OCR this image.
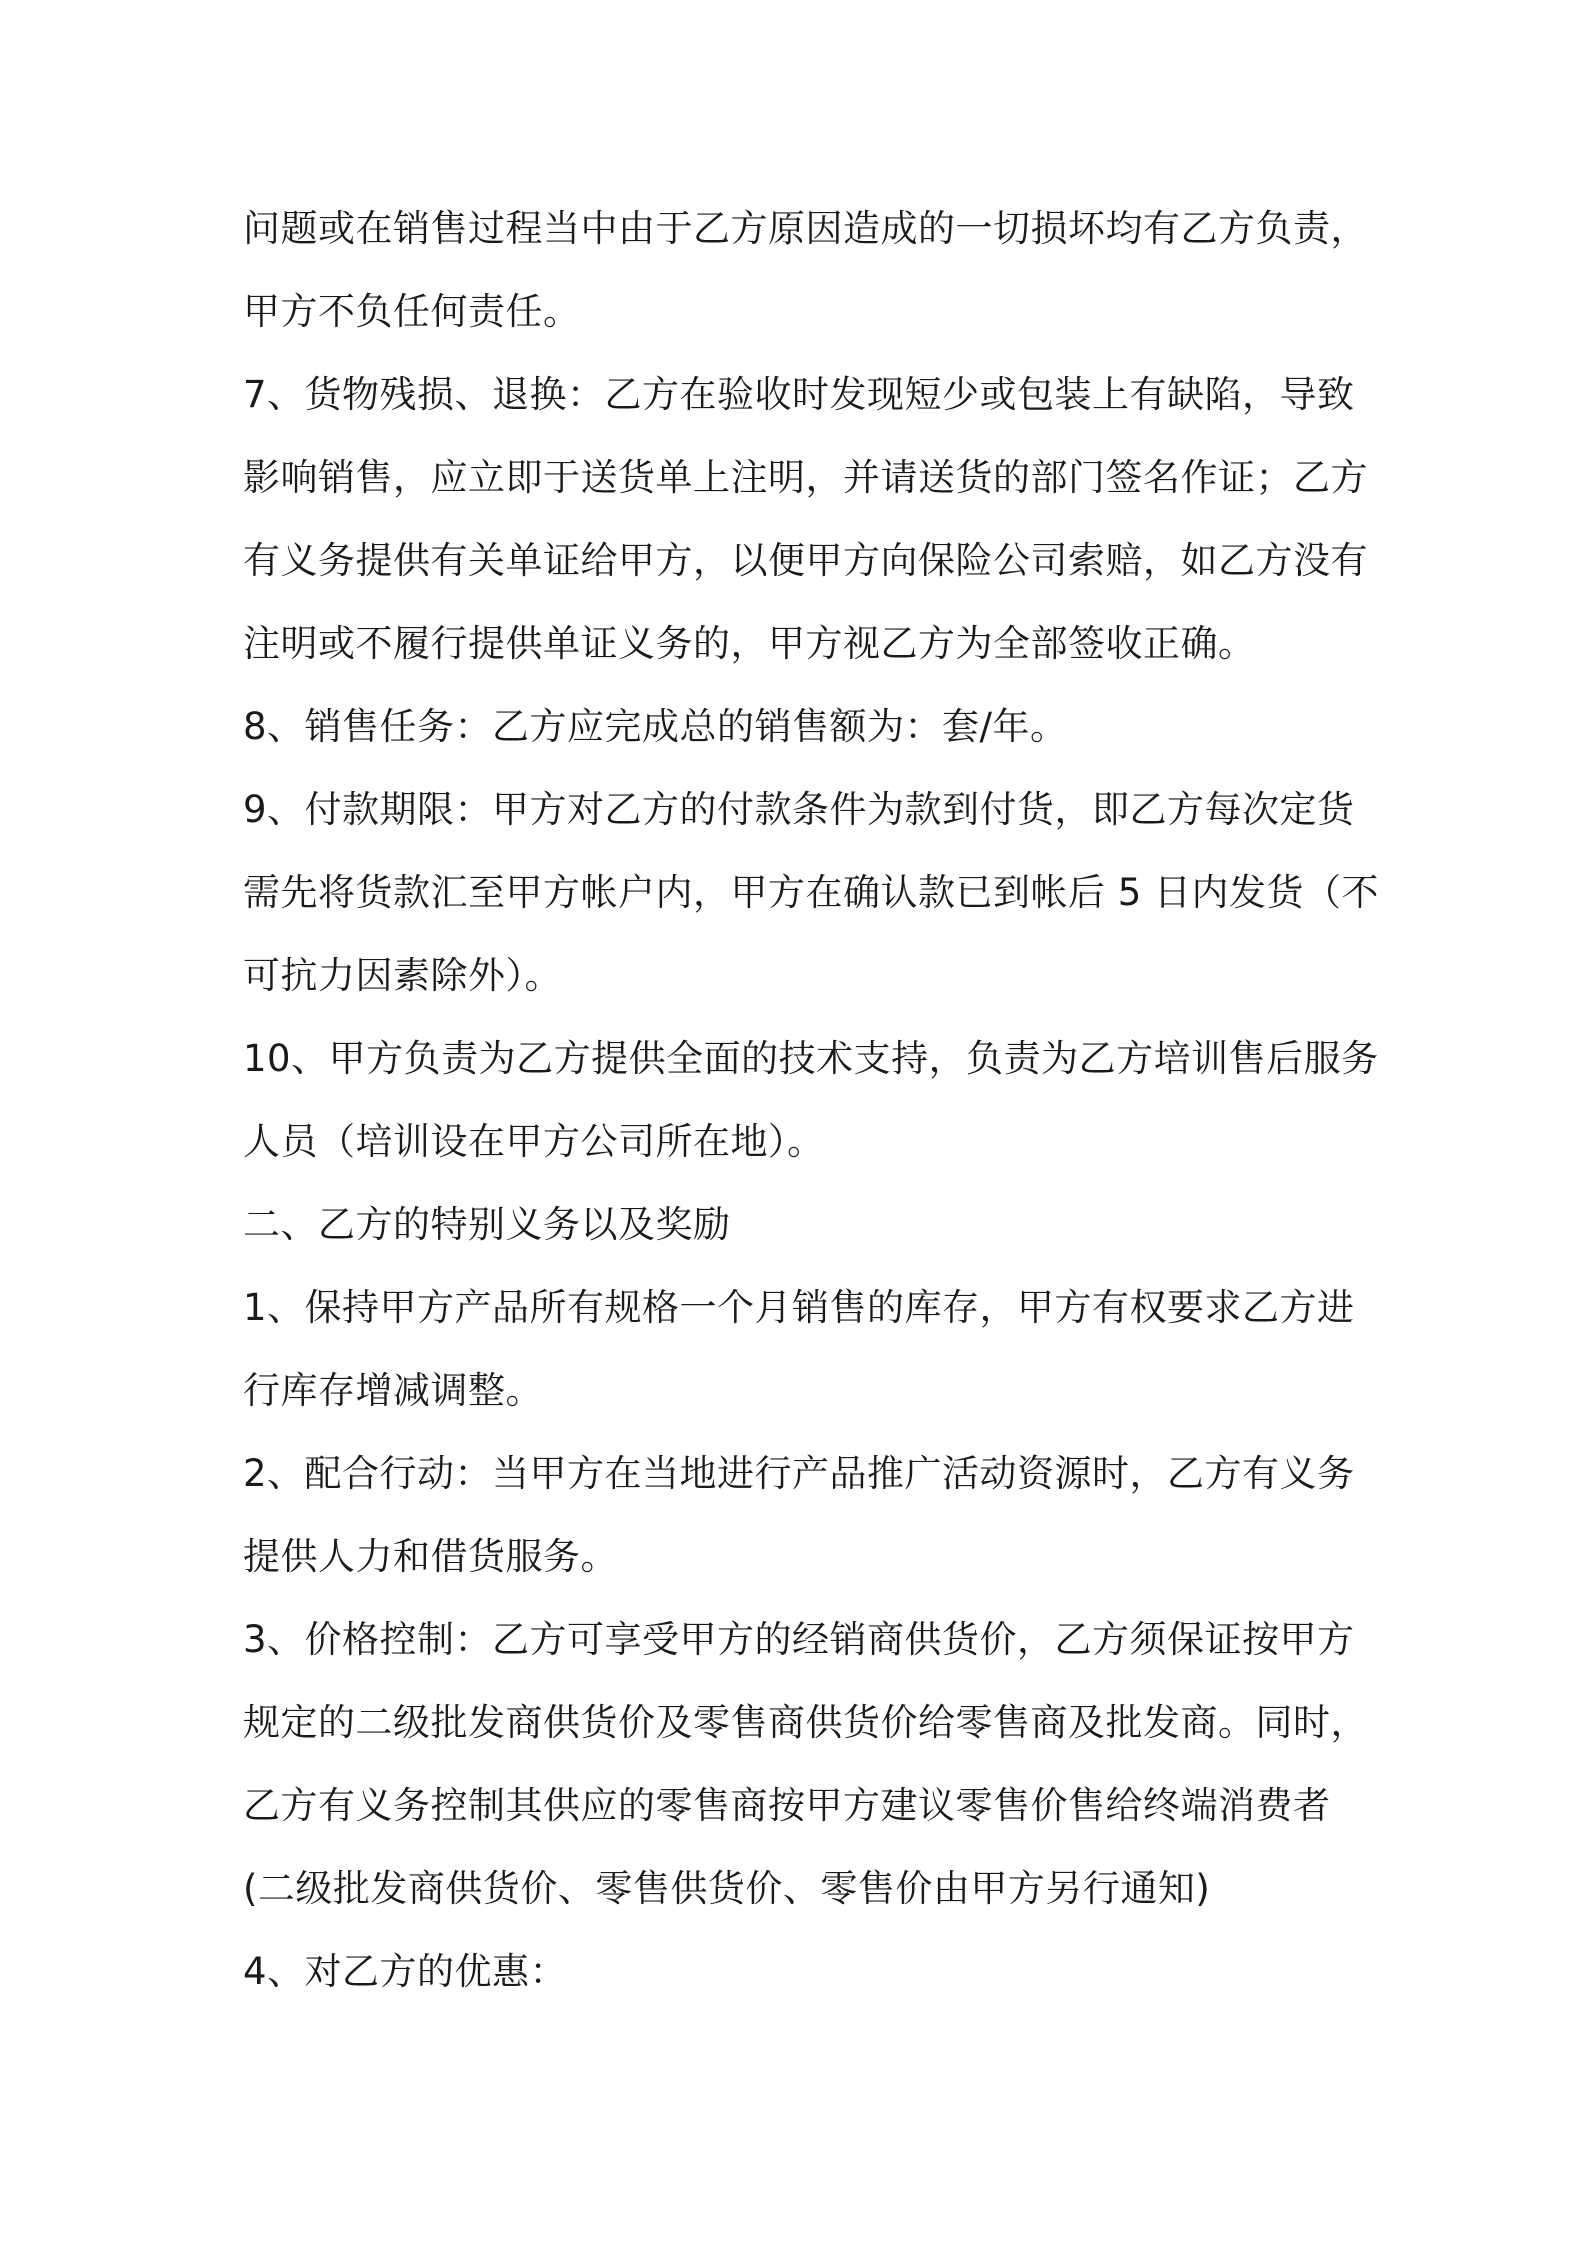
问题或在销售过程当中由于乙方原因造成的一切损坏均有乙方负责，
甲方不负任何责任。
7、货物残损、退换：乙方在验收时发现短少或包装上有缺陷，导致
影响销售，应立即于送货单上注明，并请送货的部门签名作证；乙方
有义务提供有关单证给甲方，以便甲方向保险公司索赔，如乙方没有
注明或不履行提供单证义务的，甲方视乙方为全部签收正确。
8、销售任务：乙方应完成总的销售额为：套/年。
9、付款期限：甲方对乙方的付款条件为款到付货，即乙方每次定货
需先将货款汇至甲方帐户内，甲方在确认款已到帐后 5 日内发货（不
可抗力因素除外）。
10、甲方负责为乙方提供全面的技术支持，负责为乙方培训售后服务
人员（培训设在甲方公司所在地）。
二、乙方的特别义务以及奖励
1、保持甲方产品所有规格一个月销售的库存，甲方有权要求乙方进
行库存增减调整。
2、配合行动：当甲方在当地进行产品推广活动资源时，乙方有义务
提供人力和借货服务。
3、价格控制：乙方可享受甲方的经销商供货价，乙方须保证按甲方
规定的二级批发商供货价及零售商供货价给零售商及批发商。同时，
乙方有义务控制其供应的零售商按甲方建议零售价售给终端消费者
(二级批发商供货价、零售供货价、零售价由甲方另行通知)
4、对乙方的优惠：
